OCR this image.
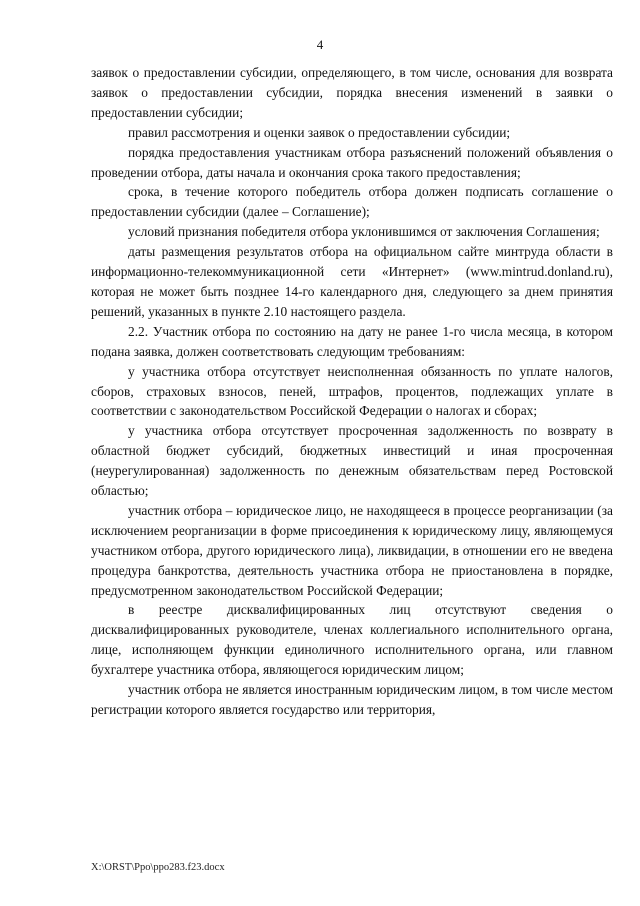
4

заявок о предоставлении субсидии, определяющего, в том числе, основания для возврата заявок о предоставлении субсидии, порядка внесения изменений в заявки о предоставлении субсидии;

правил рассмотрения и оценки заявок о предоставлении субсидии;

порядка предоставления участникам отбора разъяснений положений объявления о проведении отбора, даты начала и окончания срока такого предоставления;

срока, в течение которого победитель отбора должен подписать соглашение о предоставлении субсидии (далее – Соглашение);

условий признания победителя отбора уклонившимся от заключения Соглашения;

даты размещения результатов отбора на официальном сайте минтруда области в информационно-телекоммуникационной сети «Интернет» (www.mintrud.donland.ru), которая не может быть позднее 14-го календарного дня, следующего за днем принятия решений, указанных в пункте 2.10 настоящего раздела.

2.2. Участник отбора по состоянию на дату не ранее 1-го числа месяца, в котором подана заявка, должен соответствовать следующим требованиям:

у участника отбора отсутствует неисполненная обязанность по уплате налогов, сборов, страховых взносов, пеней, штрафов, процентов, подлежащих уплате в соответствии с законодательством Российской Федерации о налогах и сборах;

у участника отбора отсутствует просроченная задолженность по возврату в областной бюджет субсидий, бюджетных инвестиций и иная просроченная (неурегулированная) задолженность по денежным обязательствам перед Ростовской областью;

участник отбора – юридическое лицо, не находящееся в процессе реорганизации (за исключением реорганизации в форме присоединения к юридическому лицу, являющемуся участником отбора, другого юридического лица), ликвидации, в отношении его не введена процедура банкротства, деятельность участника отбора не приостановлена в порядке, предусмотренном законодательством Российской Федерации;

в реестре дисквалифицированных лиц отсутствуют сведения о дисквалифицированных руководителе, членах коллегиального исполнительного органа, лице, исполняющем функции единоличного исполнительного органа, или главном бухгалтере участника отбора, являющегося юридическим лицом;

участник отбора не является иностранным юридическим лицом, в том числе местом регистрации которого является государство или территория,

X:\ORST\Ppo\ppo283.f23.docx
